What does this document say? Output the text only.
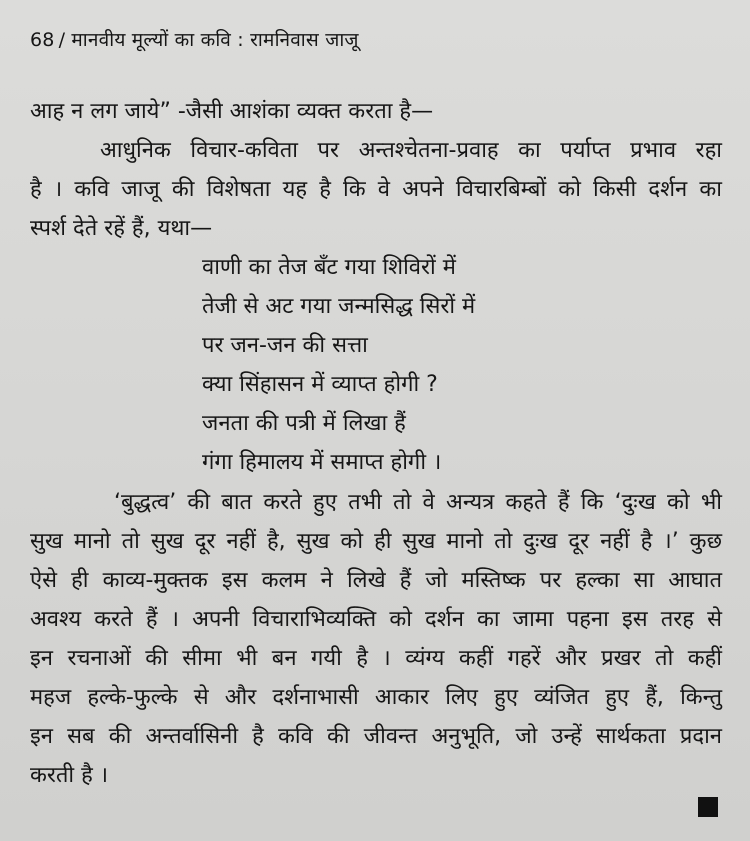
68 / मानवीय मूल्यों का कवि : रामनिवास जाजू
आह न लग जाये” -जैसी आशंका व्यक्त करता है—
आधुनिक विचार-कविता पर अन्तश्चेतना-प्रवाह का पर्याप्त प्रभाव रहा
है । कवि जाजू की विशेषता यह है कि वे अपने विचारबिम्बों को किसी दर्शन का
स्पर्श देते रहें हैं, यथा—
वाणी का तेज बँट गया शिविरों में
तेजी से अट गया जन्मसिद्ध सिरों में
पर जन-जन की सत्ता
क्या सिंहासन में व्याप्त होगी ?
जनता की पत्री में लिखा हैं
गंगा हिमालय में समाप्त होगी ।
‘बुद्धत्व’ की बात करते हुए तभी तो वे अन्यत्र कहते हैं कि ‘दुःख को भी
सुख मानो तो सुख दूर नहीं है, सुख को ही सुख मानो तो दुःख दूर नहीं है ।’ कुछ
ऐसे ही काव्य-मुक्तक इस कलम ने लिखे हैं जो मस्तिष्क पर हल्का सा आघात
अवश्य करते हैं । अपनी विचाराभिव्यक्ति को दर्शन का जामा पहना इस तरह से
इन रचनाओं की सीमा भी बन गयी है । व्यंग्य कहीं गहरें और प्रखर तो कहीं
महज हल्के-फुल्के से और दर्शनाभासी आकार लिए हुए व्यंजित हुए हैं, किन्तु
इन सब की अन्तर्वासिनी है कवि की जीवन्त अनुभूति, जो उन्हें सार्थकता प्रदान
करती है ।
